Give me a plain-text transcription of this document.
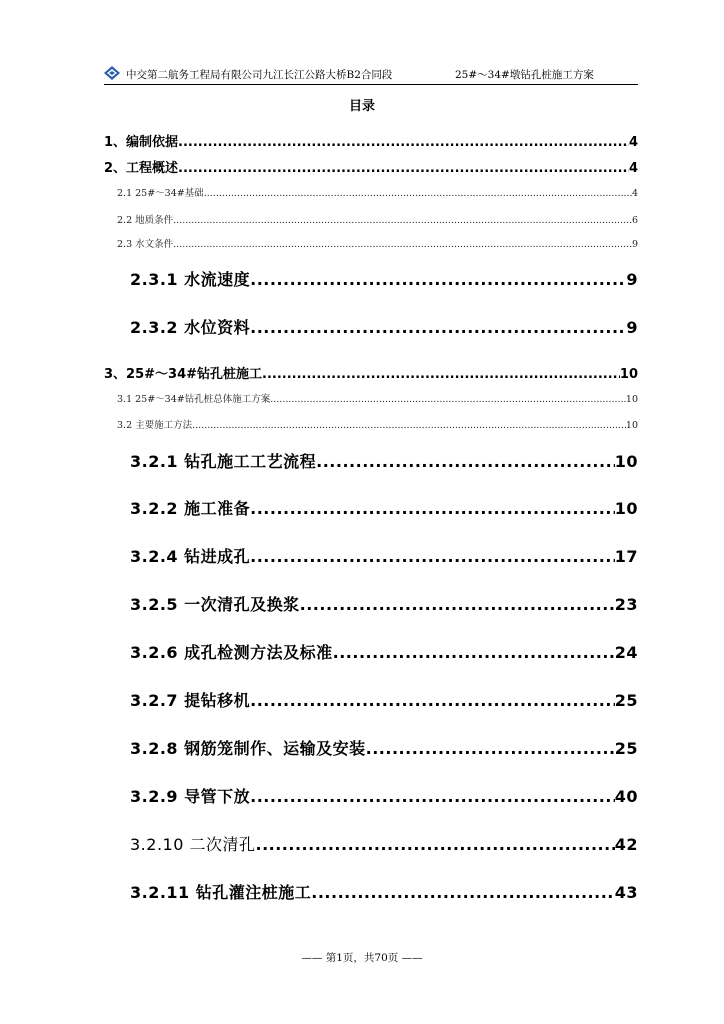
中交第二航务工程局有限公司九江长江公路大桥B2合同段	25#～34#墩钻孔桩施工方案
目录
1、编制依据 .....	4
2、工程概述 .....	4
2.1 25#～34#基础 .....	4
2.2 地质条件 .....	6
2.3 水文条件 .....	9
2.3.1 水流速度 .....	9
2.3.2 水位资料 .....	9
3、25#～34#钻孔桩施工 .....	10
3.1 25#～34#钻孔桩总体施工方案 .....	10
3.2 主要施工方法 .....	10
3.2.1 钻孔施工工艺流程 .....	10
3.2.2 施工准备 .....	10
3.2.4 钻进成孔 .....	17
3.2.5 一次清孔及换浆 .....	23
3.2.6 成孔检测方法及标准 .....	24
3.2.7 提钻移机 .....	25
3.2.8 钢筋笼制作、运输及安装 .....	25
3.2.9 导管下放 .....	40
3.2.10 二次清孔 .....	42
3.2.11 钻孔灌注桩施工 .....	43
—— 第1页，共70页 ——
